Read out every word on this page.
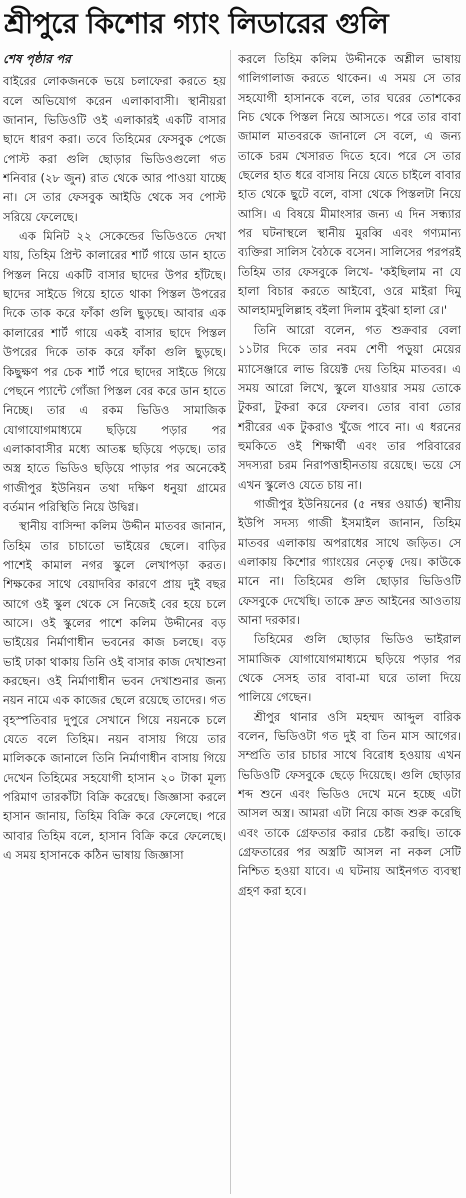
শ্রীপুরে কিশোর গ্যাং লিডারের গুলি

শেষ পৃষ্ঠার পর

বাইরের লোকজনকে ভয়ে চলাফেরা করতে হয় বলে অভিযোগ করেন এলাকাবাসী। স্থানীয়রা জানান, ভিডিওটি ওই এলাকারই একটি বাসার ছাদে ধারণ করা। তবে তিহিমের ফেসবুক পেজে পোস্ট করা গুলি ছোড়ার ভিডিওগুলো গত শনিবার (২৮ জুন) রাত থেকে আর পাওয়া যাচ্ছে না। সে তার ফেসবুক আইডি থেকে সব পোস্ট সরিয়ে ফেলেছে।

এক মিনিট ২২ সেকেন্ডের ভিডিওতে দেখা যায়, তিহিম প্রিন্ট কালারের শার্ট গায়ে ডান হাতে পিস্তল নিয়ে একটি বাসার ছাদের উপর হাঁটছে। ছাদের সাইডে গিয়ে হাতে থাকা পিস্তল উপরের দিকে তাক করে ফাঁকা গুলি ছুড়ছে। আবার এক কালারের শার্ট গায়ে একই বাসার ছাদে পিস্তল উপরের দিকে তাক করে ফাঁকা গুলি ছুড়ছে। কিছুক্ষণ পর চেক শার্ট পরে ছাদের সাইডে গিয়ে পেছনে প্যান্টে গোঁজা পিস্তল বের করে ডান হাতে নিচ্ছে। তার এ রকম ভিডিও সামাজিক যোগাযোগমাধ্যমে ছড়িয়ে পড়ার পর এলাকাবাসীর মধ্যে আতঙ্ক ছড়িয়ে পড়ছে। তার অস্ত্র হাতে ভিডিও ছড়িয়ে পাড়ার পর অনেকেই গাজীপুর ইউনিয়ন তথা দক্ষিণ ধনুয়া গ্রামের বর্তমান পরিস্থিতি নিয়ে উদ্বিগ্ন।

স্থানীয় বাসিন্দা কলিম উদ্দীন মাতবর জানান, তিহিম তার চাচাতো ভাইয়ের ছেলে। বাড়ির পাশেই কামাল নগর স্কুলে লেখাপড়া করত। শিক্ষকের সাথে বেয়াদবির কারণে প্রায় দুই বছর আগে ওই স্কুল থেকে সে নিজেই বের হয়ে চলে আসে। ওই স্কুলের পাশে কলিম উদ্দীনের বড় ভাইয়ের নির্মাণাধীন ভবনের কাজ চলছে। বড় ভাই ঢাকা থাকায় তিনি ওই বাসার কাজ দেখাশুনা করছেন। ওই নির্মাণাধীন ভবন দেখাশুনার জন্য নয়ন নামে এক কাজের ছেলে রয়েছে তাদের। গত বৃহস্পতিবার দুপুরে সেখানে গিয়ে নয়নকে চলে যেতে বলে তিহিম। নয়ন বাসায় গিয়ে তার মালিককে জানালে তিনি নির্মাণাধীন বাসায় গিয়ে দেখেন তিহিমের সহযোগী হাসান ২০ টাকা মূল্য পরিমাণ তারকাঁটা বিক্রি করেছে। জিজ্ঞাসা করলে হাসান জানায়, তিহিম বিক্রি করে ফেলেছে। পরে আবার তিহিম বলে, হাসান বিক্রি করে ফেলেছে। এ সময় হাসানকে কঠিন ভাষায় জিজ্ঞাসা

করলে তিহিম কলিম উদ্দীনকে অশ্লীল ভাষায় গালিগালাজ করতে থাকেন। এ সময় সে তার সহযোগী হাসানকে বলে, তার ঘরের তোশকের নিচ থেকে পিস্তল নিয়ে আসতে। পরে তার বাবা জামাল মাতবরকে জানালে সে বলে, এ জন্য তাকে চরম খেসারত দিতে হবে। পরে সে তার ছেলের হাত ধরে বাসায় নিয়ে যেতে চাইলে বাবার হাত থেকে ছুটে বলে, বাসা থেকে পিস্তলটা নিয়ে আসি। এ বিষয়ে মীমাংসার জন্য এ দিন সন্ধ্যার পর ঘটনাস্থলে স্থানীয় মুরব্বি এবং গণ্যমান্য ব্যক্তিরা সালিস বৈঠকে বসেন। সালিসের পরপরই তিহিম তার ফেসবুকে লিখে- 'কইছিলাম না যে হালা বিচার করতে আইবো, ওরে মাইরা দিমু আলহামদুলিল্লাহ বইলা দিলাম বুইঝা হালা রে।'

তিনি আরো বলেন, গত শুক্রবার বেলা ১১টার দিকে তার নবম শেণী পড়ুয়া মেয়ের ম্যাসেঞ্জারে লাভ রিয়েক্ট দেয় তিহিম মাতবর। এ সময় আরো লিখে, স্কুলে যাওয়ার সময় তোকে টুকরা, টুকরা করে ফেলব। তোর বাবা তোর শরীরের এক টুকরাও খুঁজে পাবে না। এ ধরনের হুমকিতে ওই শিক্ষার্থী এবং তার পরিবারের সদস্যরা চরম নিরাপত্তাহীনতায় রয়েছে। ভয়ে সে এখন স্কুলেও যেতে চায় না।

গাজীপুর ইউনিয়নের (৫ নম্বর ওয়ার্ড) স্থানীয় ইউপি সদস্য গাজী ইসমাইল জানান, তিহিম মাতবর এলাকায় অপরাধের সাথে জড়িত। সে এলাকায় কিশোর গ্যাংয়ের নেতৃত্ব দেয়। কাউকে মানে না। তিহিমের গুলি ছোড়ার ভিডিওটি ফেসবুকে দেখেছি। তাকে দ্রুত আইনের আওতায় আনা দরকার।

তিহিমের গুলি ছোড়ার ভিডিও ভাইরাল সামাজিক যোগাযোগমাধ্যমে ছড়িয়ে পড়ার পর থেকে সেসহ তার বাবা-মা ঘরে তালা দিয়ে পালিয়ে গেছেন।

শ্রীপুর থানার ওসি মহম্মদ আব্দুল বারিক বলেন, ভিডিওটা গত দুই বা তিন মাস আগের। সম্প্রতি তার চাচার সাথে বিরোধ হওয়ায় এখন ভিডিওটি ফেসবুকে ছেড়ে দিয়েছে। গুলি ছোড়ার শব্দ শুনে এবং ভিডিও দেখে মনে হচ্ছে এটা আসল অস্ত্র। আমরা এটা নিয়ে কাজ শুরু করেছি এবং তাকে গ্রেফতার করার চেষ্টা করছি। তাকে গ্রেফতারের পর অস্ত্রটি আসল না নকল সেটি নিশ্চিত হওয়া যাবে। এ ঘটনায় আইনগত ব্যবস্থা গ্রহণ করা হবে।
